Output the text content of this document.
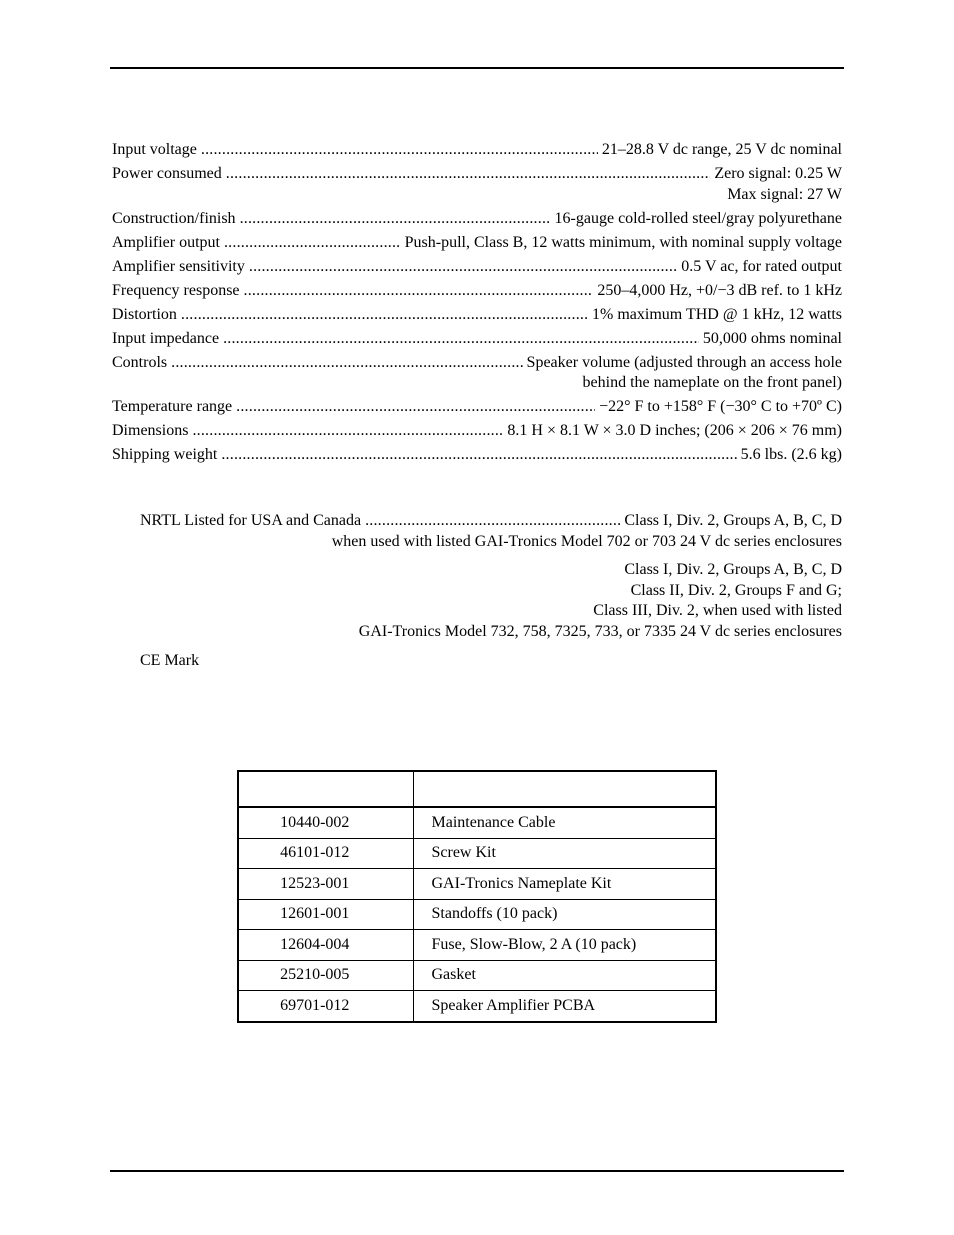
Input voltage .....	21–28.8 V dc range, 25 V dc nominal
Power consumed .....	Zero signal: 0.25 W
Max signal: 27 W
Construction/finish .....	16-gauge cold-rolled steel/gray polyurethane
Amplifier output .....	Push-pull, Class B, 12 watts minimum, with nominal supply voltage
Amplifier sensitivity .....	0.5 V ac, for rated output
Frequency response .....	250–4,000 Hz, +0/−3 dB ref. to 1 kHz
Distortion .....	1% maximum THD @ 1 kHz, 12 watts
Input impedance .....	50,000 ohms nominal
Controls .....	Speaker volume (adjusted through an access hole
behind the nameplate on the front panel)
Temperature range .....	−22° F to +158° F (−30° C to +70º C)
Dimensions .....	8.1 H × 8.1 W × 3.0 D inches; (206 × 206 × 76 mm)
Shipping weight .....	5.6 lbs. (2.6 kg)
NRTL Listed for USA and Canada .....	Class I, Div. 2, Groups A, B, C, D
when used with listed GAI-Tronics Model 702 or 703 24 V dc series enclosures
Class I, Div. 2, Groups A, B, C, D
Class II, Div. 2, Groups F and G;
Class III, Div. 2, when used with listed
GAI-Tronics Model 732, 758, 7325, 733, or 7335 24 V dc series enclosures
CE Mark

10440-002	Maintenance Cable
46101-012	Screw Kit
12523-001	GAI-Tronics Nameplate Kit
12601-001	Standoffs (10 pack)
12604-004	Fuse, Slow-Blow, 2 A (10 pack)
25210-005	Gasket
69701-012	Speaker Amplifier PCBA
